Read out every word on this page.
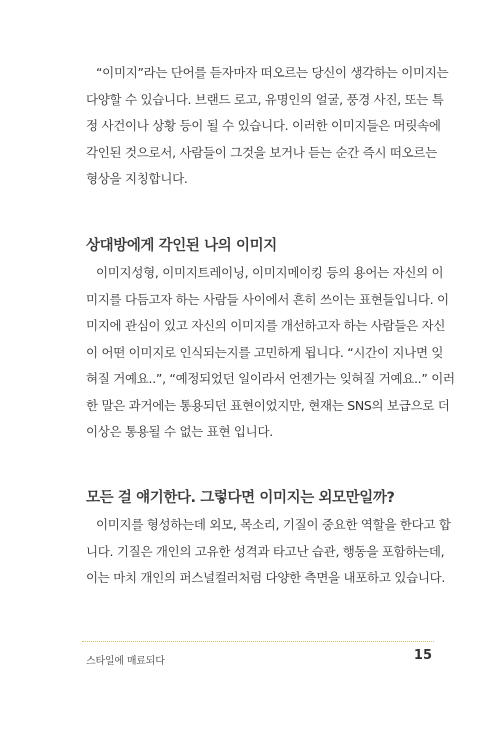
“이미지”라는 단어를 듣자마자 떠오르는 당신이 생각하는 이미지는
다양할 수 있습니다. 브랜드 로고, 유명인의 얼굴, 풍경 사진, 또는 특
정 사건이나 상황 등이 될 수 있습니다. 이러한 이미지들은 머릿속에
각인된 것으로서, 사람들이 그것을 보거나 듣는 순간 즉시 떠오르는
형상을 지칭합니다.
상대방에게 각인된 나의 이미지
이미지성형, 이미지트레이닝, 이미지메이킹 등의 용어는 자신의 이
미지를 다듬고자 하는 사람들 사이에서 흔히 쓰이는 표현들입니다. 이
미지에 관심이 있고 자신의 이미지를 개선하고자 하는 사람들은 자신
이 어떤 이미지로 인식되는지를 고민하게 됩니다. “시간이 지나면 잊
혀질 거예요..”, “예정되었던 일이라서 언젠가는 잊혀질 거예요..” 이러
한 말은 과거에는 통용되던 표현이었지만, 현재는 SNS의 보급으로 더
이상은 통용될 수 없는 표현 입니다.
모든 걸 얘기한다. 그렇다면 이미지는 외모만일까?
이미지를 형성하는데 외모, 목소리, 기질이 중요한 역할을 한다고 합
니다. 기질은 개인의 고유한 성격과 타고난 습관, 행동을 포함하는데,
이는 마치 개인의 퍼스널컬러처럼 다양한 측면을 내포하고 있습니다.
스타일에 매료되다	15
